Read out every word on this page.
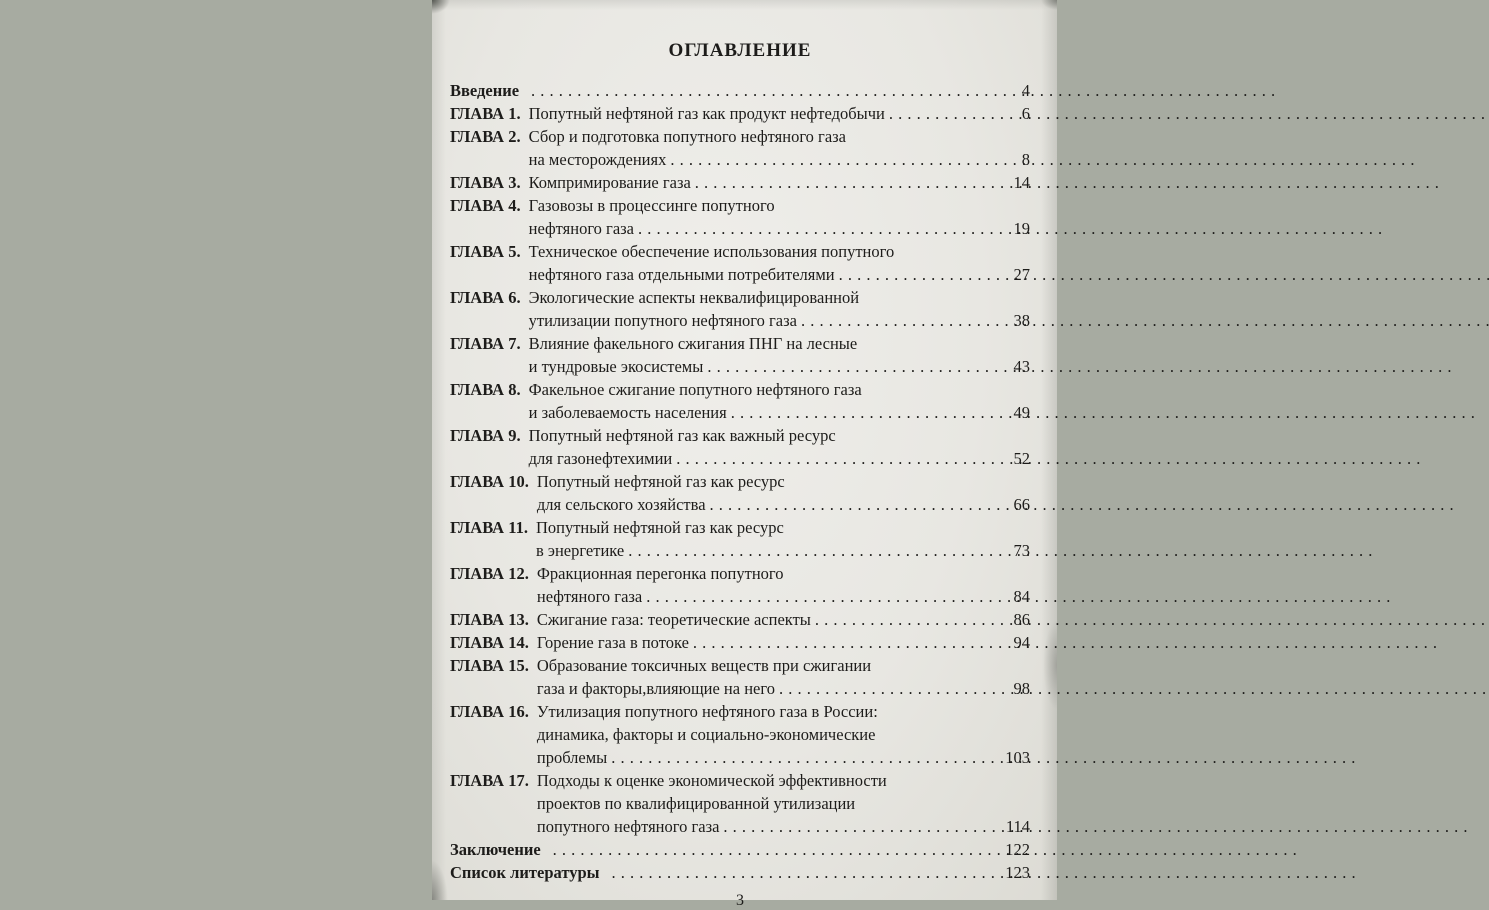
ОГЛАВЛЕНИЕ
Введение . . .	4
ГЛАВА 1. Попутный нефтяной газ как продукт нефтедобычи . . .	6
ГЛАВА 2. Сбор и подготовка попутного нефтяного газа
на месторождениях . . .	8
ГЛАВА 3. Компримирование газа . . .	14
ГЛАВА 4. Газовозы в процессинге попутного
нефтяного газа . . .	19
ГЛАВА 5. Техническое обеспечение использования попутного
нефтяного газа отдельными потребителями . . .	27
ГЛАВА 6. Экологические аспекты неквалифицированной
утилизации попутного нефтяного газа . . .	38
ГЛАВА 7. Влияние факельного сжигания ПНГ на лесные
и тундровые экосистемы . . .	43
ГЛАВА 8. Факельное сжигание попутного нефтяного газа
и заболеваемость населения . . .	49
ГЛАВА 9. Попутный нефтяной газ как важный ресурс
для газонефтехимии . . .	52
ГЛАВА 10. Попутный нефтяной газ как ресурс
для сельского хозяйства . . .	66
ГЛАВА 11. Попутный нефтяной газ как ресурс
в энергетике . . .	73
ГЛАВА 12. Фракционная перегонка попутного
нефтяного газа . . .	84
ГЛАВА 13. Сжигание газа: теоретические аспекты . . .	86
ГЛАВА 14. Горение газа в потоке . . .	94
ГЛАВА 15. Образование токсичных веществ при сжигании
газа и факторы,влияющие на него . . .	98
ГЛАВА 16. Утилизация попутного нефтяного газа в России:
динамика, факторы и социально-экономические
проблемы . . .	103
ГЛАВА 17. Подходы к оценке экономической эффективности
проектов по квалифицированной утилизации
попутного нефтяного газа . . .	114
Заключение . . .	122
Список литературы . . .	123
3
